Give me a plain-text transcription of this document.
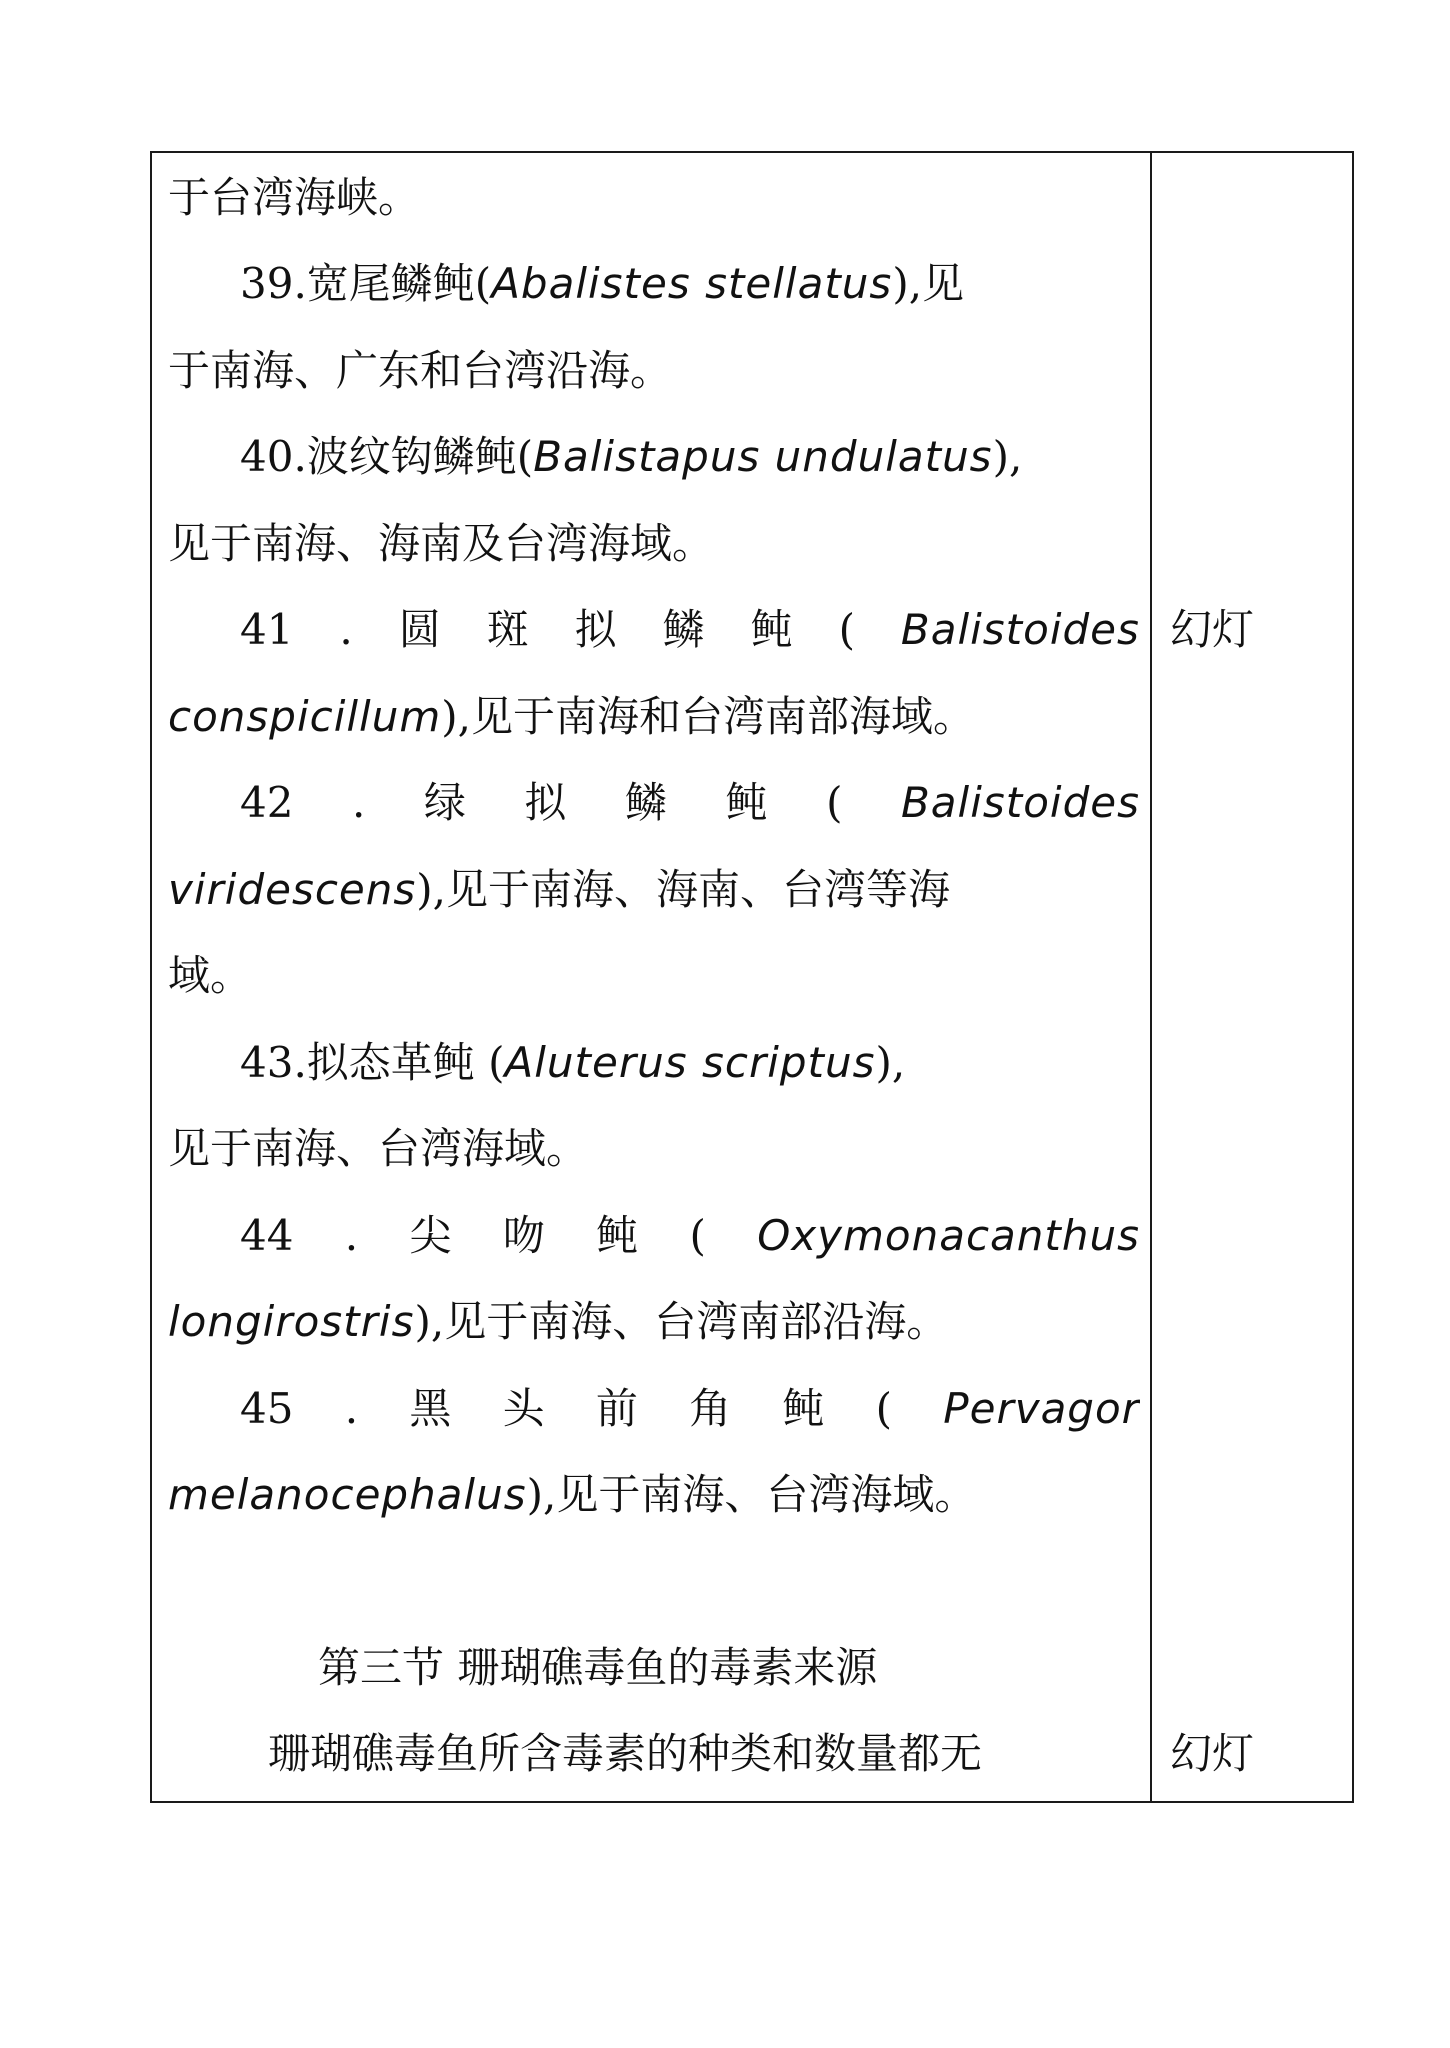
于台湾海峡。
39.宽尾鳞鲀(Abalistes stellatus),见
于南海、广东和台湾沿海。
40.波纹钩鳞鲀(Balistapus undulatus),
见于南海、海南及台湾海域。
41 . 圆 斑 拟 鳞 鲀 ( Balistoides
conspicillum),见于南海和台湾南部海域。
42 . 绿 拟 鳞 鲀 ( Balistoides
viridescens),见于南海、海南、台湾等海
域。
43.拟态革鲀 (Aluterus scriptus),
见于南海、台湾海域。
44 . 尖 吻 鲀 ( Oxymonacanthus
longirostris),见于南海、台湾南部沿海。
45 . 黑 头 前 角 鲀 ( Pervagor
melanocephalus),见于南海、台湾海域。
第三节 珊瑚礁毒鱼的毒素来源
珊瑚礁毒鱼所含毒素的种类和数量都无
幻灯
幻灯
